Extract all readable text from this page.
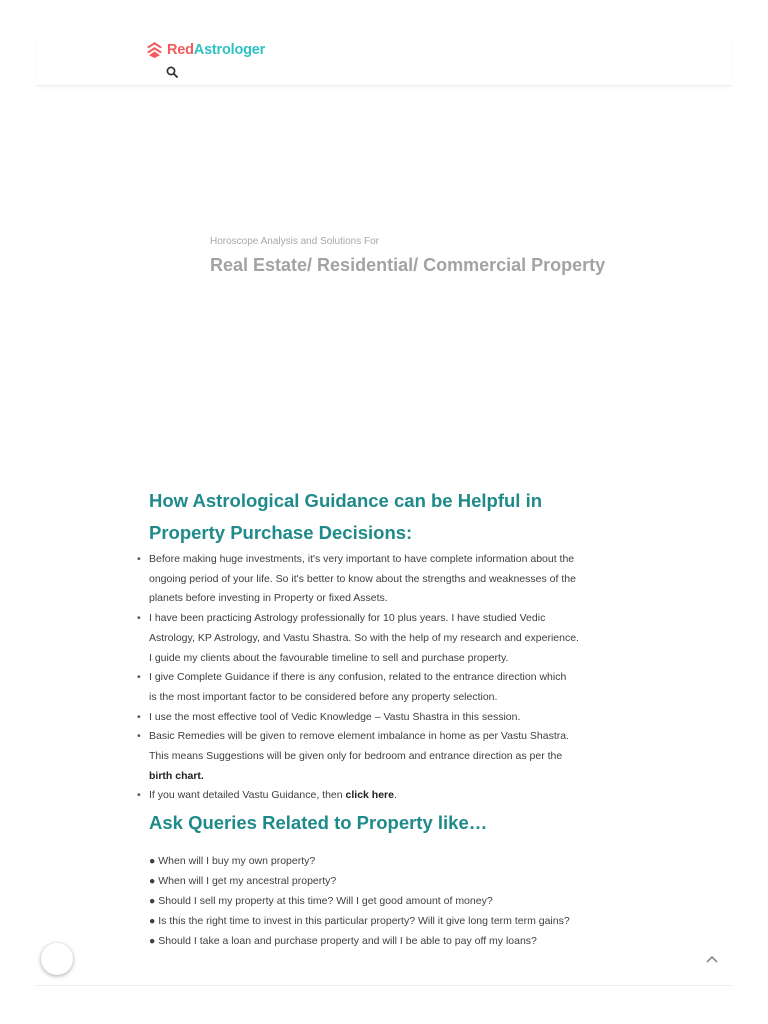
RedAstrologer
Horoscope Analysis and Solutions For
Real Estate/ Residential/ Commercial Property
How Astrological Guidance can be Helpful in
Property Purchase Decisions:
• Before making huge investments, it's very important to have complete information about the
ongoing period of your life. So it's better to know about the strengths and weaknesses of the
planets before investing in Property or fixed Assets.
• I have been practicing Astrology professionally for 10 plus years. I have studied Vedic
Astrology, KP Astrology, and Vastu Shastra. So with the help of my research and experience.
I guide my clients about the favourable timeline to sell and purchase property.
• I give Complete Guidance if there is any confusion, related to the entrance direction which
is the most important factor to be considered before any property selection.
• I use the most effective tool of Vedic Knowledge – Vastu Shastra in this session.
• Basic Remedies will be given to remove element imbalance in home as per Vastu Shastra.
This means Suggestions will be given only for bedroom and entrance direction as per the
birth chart.
• If you want detailed Vastu Guidance, then click here.
Ask Queries Related to Property like…
● When will I buy my own property?
● When will I get my ancestral property?
● Should I sell my property at this time? Will I get good amount of money?
● Is this the right time to invest in this particular property? Will it give long term term gains?
● Should I take a loan and purchase property and will I be able to pay off my loans?
